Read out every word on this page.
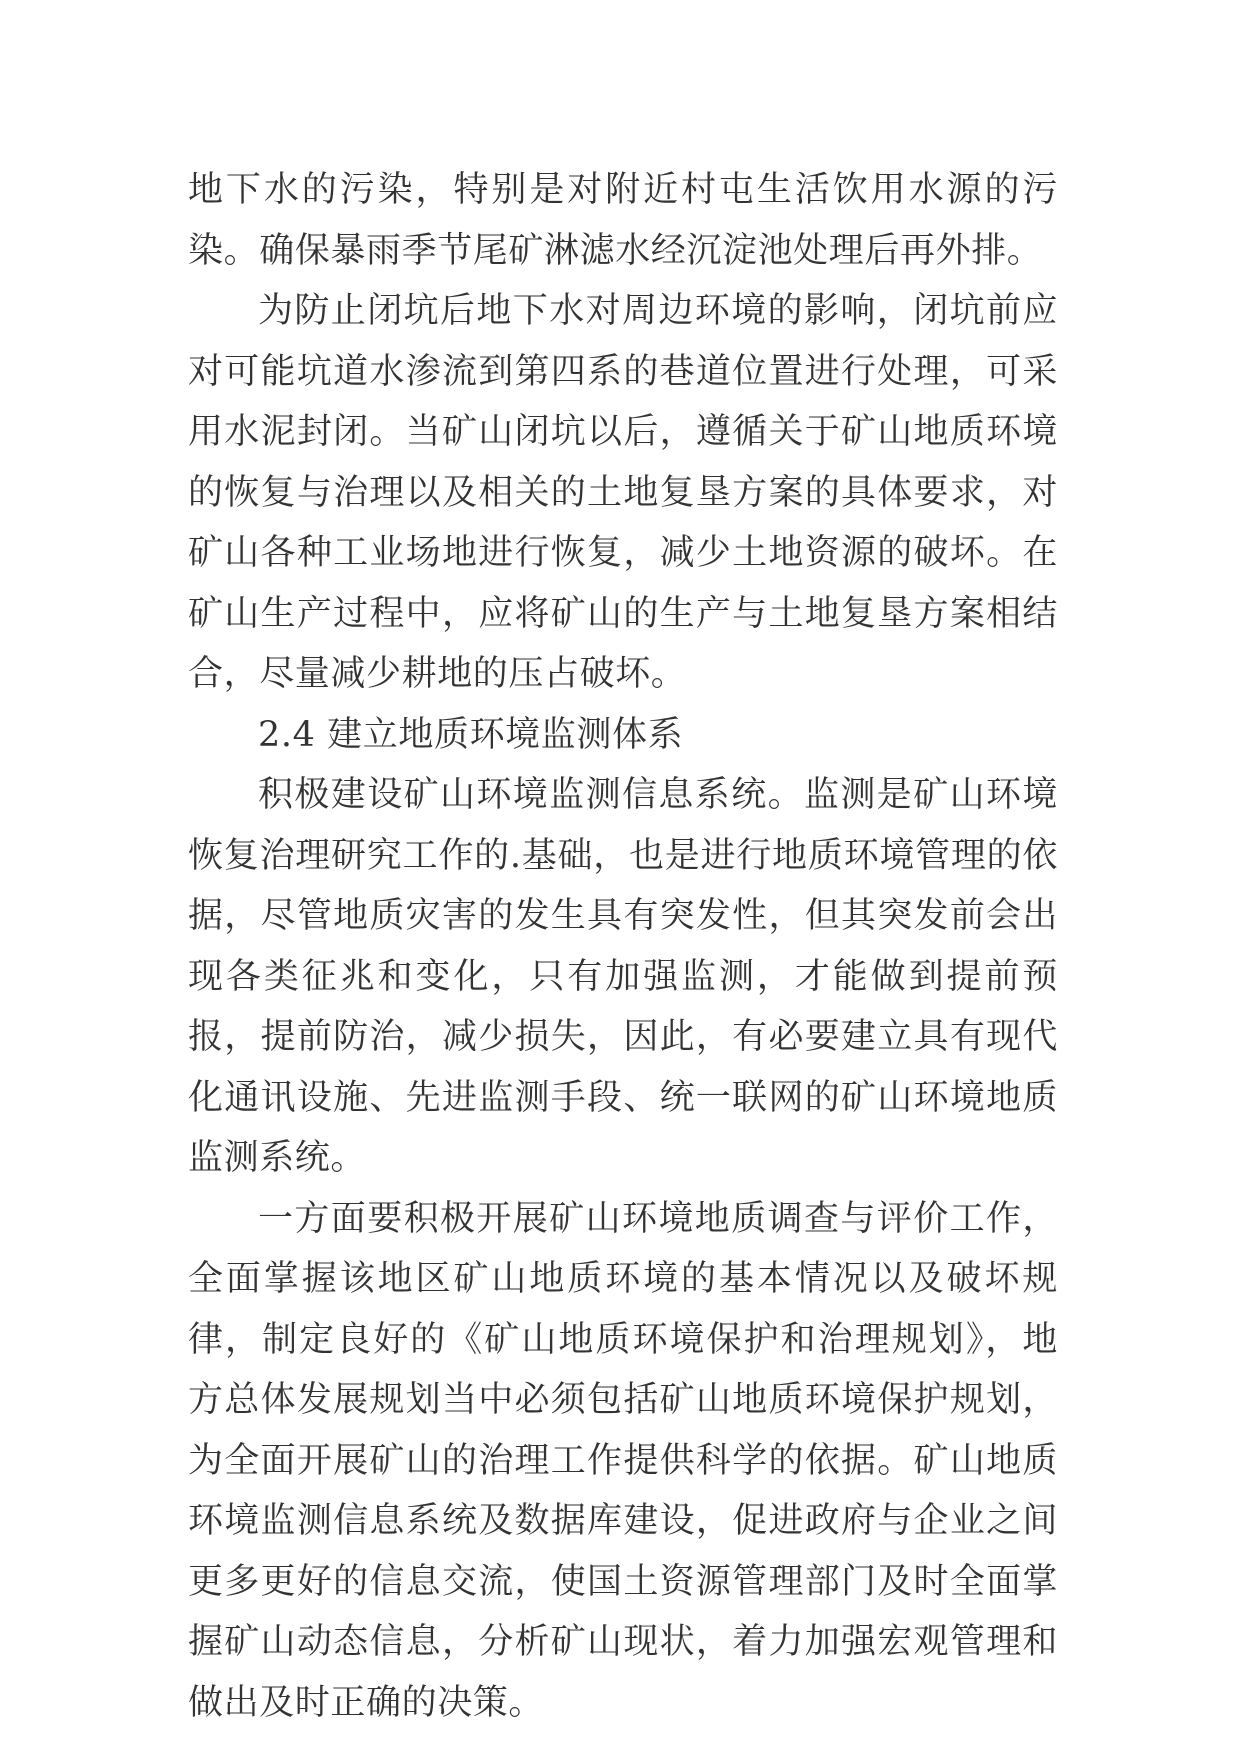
地下水的污染，特别是对附近村屯生活饮用水源的污染。确保暴雨季节尾矿淋滤水经沉淀池处理后再外排。

为防止闭坑后地下水对周边环境的影响，闭坑前应对可能坑道水渗流到第四系的巷道位置进行处理，可采用水泥封闭。当矿山闭坑以后，遵循关于矿山地质环境的恢复与治理以及相关的土地复垦方案的具体要求，对矿山各种工业场地进行恢复，减少土地资源的破坏。在矿山生产过程中，应将矿山的生产与土地复垦方案相结合，尽量减少耕地的压占破坏。

2.4 建立地质环境监测体系

积极建设矿山环境监测信息系统。监测是矿山环境恢复治理研究工作的.基础，也是进行地质环境管理的依据，尽管地质灾害的发生具有突发性，但其突发前会出现各类征兆和变化，只有加强监测，才能做到提前预报，提前防治，减少损失，因此，有必要建立具有现代化通讯设施、先进监测手段、统一联网的矿山环境地质监测系统。

一方面要积极开展矿山环境地质调查与评价工作，全面掌握该地区矿山地质环境的基本情况以及破坏规律，制定良好的《矿山地质环境保护和治理规划》，地方总体发展规划当中必须包括矿山地质环境保护规划，为全面开展矿山的治理工作提供科学的依据。矿山地质环境监测信息系统及数据库建设，促进政府与企业之间更多更好的信息交流，使国土资源管理部门及时全面掌握矿山动态信息，分析矿山现状，着力加强宏观管理和做出及时正确的决策。
